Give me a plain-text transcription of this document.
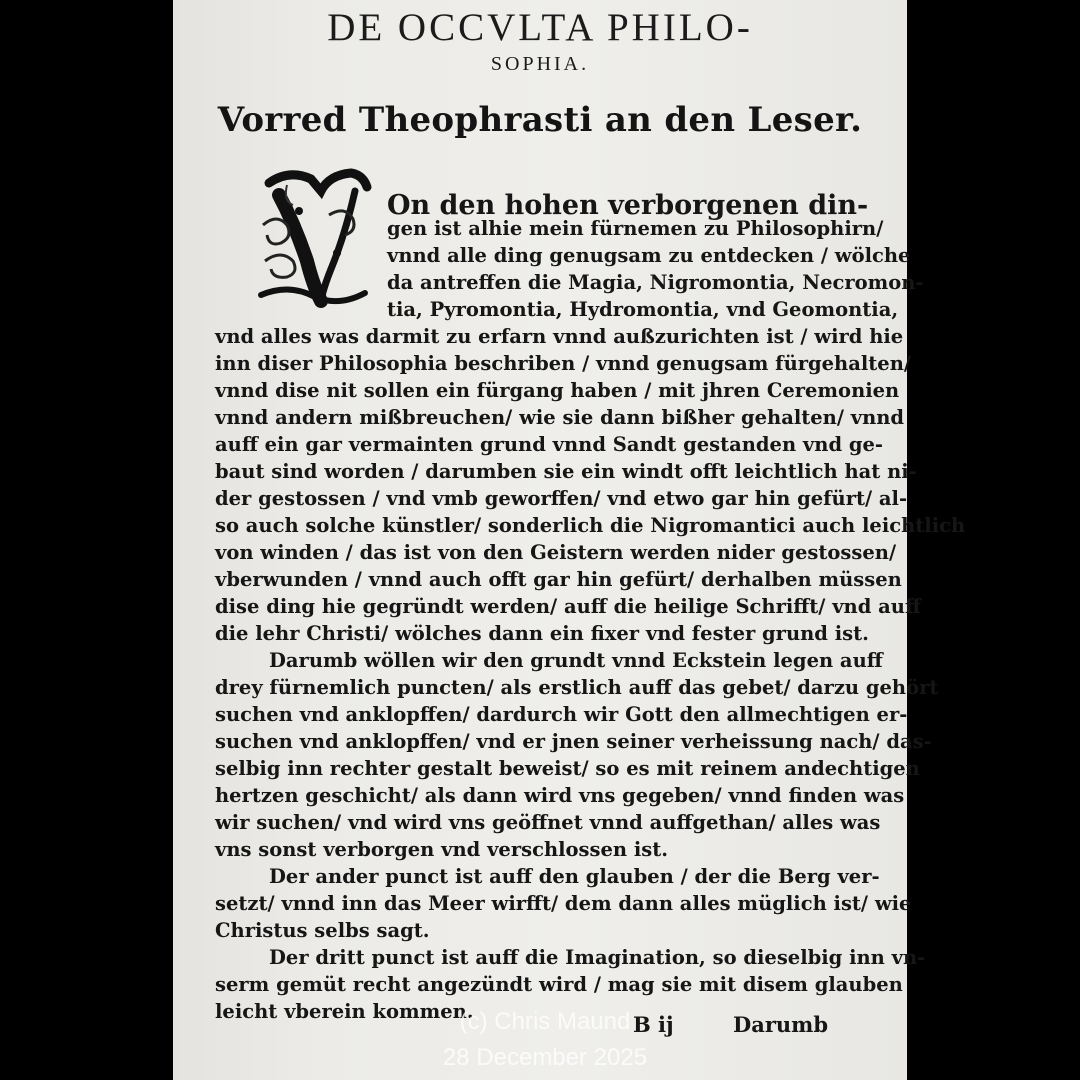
DE OCCVLTA PHILO-
SOPHIA.
Vorred Theophrasti an den Leser.
On den hohen verborgenen din-
gen ist alhie mein fürnemen zu Philosophirn/
vnnd alle ding genugsam zu entdecken / wölche
da antreffen die Magia, Nigromontia, Necromon-
tia, Pyromontia, Hydromontia, vnd Geomontia,
vnd alles was darmit zu erfarn vnnd außzurichten ist / wird hie
inn diser Philosophia beschriben / vnnd genugsam fürgehalten/
vnnd dise nit sollen ein fürgang haben / mit jhren Ceremonien
vnnd andern mißbreuchen/ wie sie dann bißher gehalten/ vnnd
auff ein gar vermainten grund vnnd Sandt gestanden vnd ge-
baut sind worden / darumben sie ein windt offt leichtlich hat ni-
der gestossen / vnd vmb geworffen/ vnd etwo gar hin gefürt/ al-
so auch solche künstler/ sonderlich die Nigromantici auch leichtlich
von winden / das ist von den Geistern werden nider gestossen/
vberwunden / vnnd auch offt gar hin gefürt/ derhalben müssen
dise ding hie gegründt werden/ auff die heilige Schrifft/ vnd auff
die lehr Christi/ wölches dann ein fixer vnd fester grund ist.
Darumb wöllen wir den grundt vnnd Eckstein legen auff
drey fürnemlich puncten/ als erstlich auff das gebet/ darzu gehört
suchen vnd anklopffen/ dardurch wir Gott den allmechtigen er-
suchen vnd anklopffen/ vnd er jnen seiner verheissung nach/ das-
selbig inn rechter gestalt beweist/ so es mit reinem andechtigen
hertzen geschicht/ als dann wird vns gegeben/ vnnd finden was
wir suchen/ vnd wird vns geöffnet vnnd auffgethan/ alles was
vns sonst verborgen vnd verschlossen ist.
Der ander punct ist auff den glauben / der die Berg ver-
setzt/ vnnd inn das Meer wirfft/ dem dann alles müglich ist/ wie
Christus selbs sagt.
Der dritt punct ist auff die Imagination, so dieselbig inn vn-
serm gemüt recht angezündt wird / mag sie mit disem glauben
leicht vberein kommen.
B ij	Darumb
(c) Chris Maund
28 December 2025
